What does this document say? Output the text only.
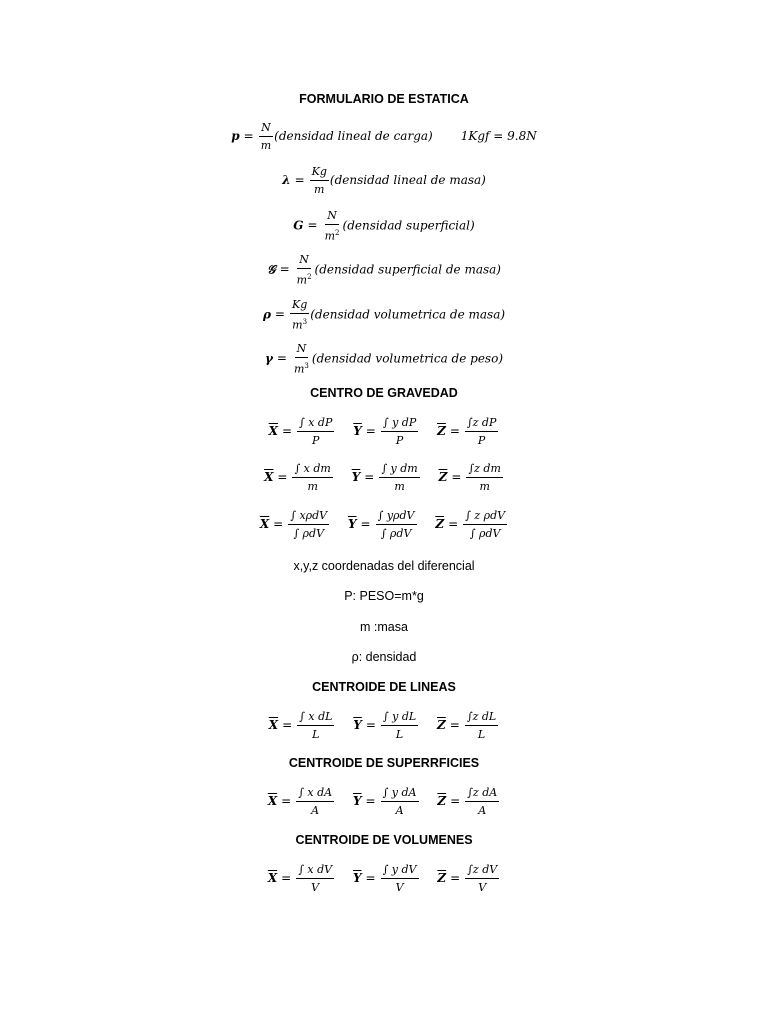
FORMULARIO DE ESTATICA
$p = \frac{N}{m}$ (densidad lineal de carga) 1Kgf = 9.8N
$\lambda = \frac{Kg}{m}$ (densidad lineal de masa)
$G = \frac{N}{m^2}$ (densidad superficial)
𝒢 = $\frac{N}{m^2}$ (densidad superficial de masa)
$\rho = \frac{Kg}{m^3}$ (densidad volumetrica de masa)
$\gamma = \frac{N}{m^3}$ (densidad volumetrica de peso)
CENTRO DE GRAVEDAD
$\overline{X} = \frac{\text{∫ x dP}}{P} \overline{Y} = \frac{\text{∫ y dP}}{P} \overline{Z} = \frac{\text{∫z dP}}{P}$
$\overline{X} = \frac{\text{∫ x dm}}{m} \overline{Y} = \frac{\text{∫ y dm}}{m} \overline{Z} = \frac{\text{∫z dm}}{m}$
$\overline{X} = \frac{\text{∫ xρdV}}{\text{∫ ρdV}} \overline{Y} = \frac{\text{∫ yρdV}}{\text{∫ ρdV}} \overline{Z} = \frac{\text{∫ z ρdV}}{\text{∫ ρdV}}$
x,y,z coordenadas del diferencial
P: PESO=m*g
m :masa
ρ: densidad
CENTROIDE DE LINEAS
$\overline{X} = \frac{\text{∫ x dL}}{L} \overline{Y} = \frac{\text{∫ y dL}}{L} \overline{Z} = \frac{\text{∫z dL}}{L}$
CENTROIDE DE SUPERRFICIES
$\overline{X} = \frac{\text{∫ x dA}}{A} \overline{Y} = \frac{\text{∫ y dA}}{A} \overline{Z} = \frac{\text{∫z dA}}{A}$
CENTROIDE DE VOLUMENES
$\overline{X} = \frac{\text{∫ x dV}}{V} \overline{Y} = \frac{\text{∫ y dV}}{V} \overline{Z} = \frac{\text{∫z dV}}{V}$
